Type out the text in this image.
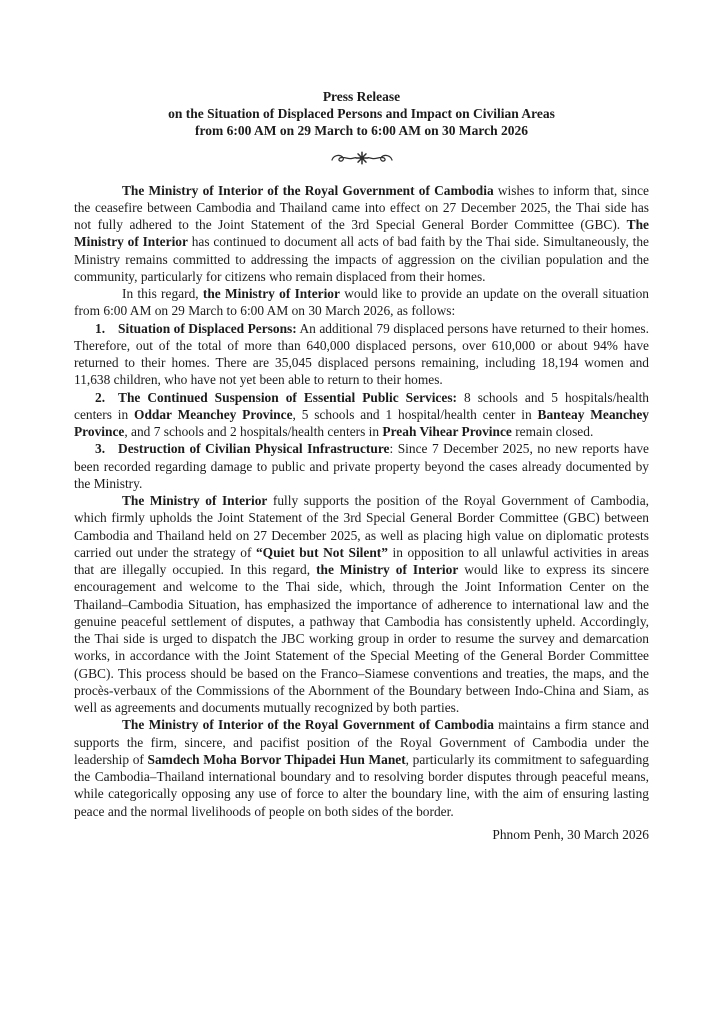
Press Release
on the Situation of Displaced Persons and Impact on Civilian Areas
from 6:00 AM on 29 March to 6:00 AM on 30 March 2026

The Ministry of Interior of the Royal Government of Cambodia wishes to inform that, since the ceasefire between Cambodia and Thailand came into effect on 27 December 2025, the Thai side has not fully adhered to the Joint Statement of the 3rd Special General Border Committee (GBC). The Ministry of Interior has continued to document all acts of bad faith by the Thai side. Simultaneously, the Ministry remains committed to addressing the impacts of aggression on the civilian population and the community, particularly for citizens who remain displaced from their homes.

In this regard, the Ministry of Interior would like to provide an update on the overall situation from 6:00 AM on 29 March to 6:00 AM on 30 March 2026, as follows:

1. Situation of Displaced Persons: An additional 79 displaced persons have returned to their homes. Therefore, out of the total of more than 640,000 displaced persons, over 610,000 or about 94% have returned to their homes. There are 35,045 displaced persons remaining, including 18,194 women and 11,638 children, who have not yet been able to return to their homes.

2. The Continued Suspension of Essential Public Services: 8 schools and 5 hospitals/health centers in Oddar Meanchey Province, 5 schools and 1 hospital/health center in Banteay Meanchey Province, and 7 schools and 2 hospitals/health centers in Preah Vihear Province remain closed.

3. Destruction of Civilian Physical Infrastructure: Since 7 December 2025, no new reports have been recorded regarding damage to public and private property beyond the cases already documented by the Ministry.

The Ministry of Interior fully supports the position of the Royal Government of Cambodia, which firmly upholds the Joint Statement of the 3rd Special General Border Committee (GBC) between Cambodia and Thailand held on 27 December 2025, as well as placing high value on diplomatic protests carried out under the strategy of “Quiet but Not Silent” in opposition to all unlawful activities in areas that are illegally occupied. In this regard, the Ministry of Interior would like to express its sincere encouragement and welcome to the Thai side, which, through the Joint Information Center on the Thailand–Cambodia Situation, has emphasized the importance of adherence to international law and the genuine peaceful settlement of disputes, a pathway that Cambodia has consistently upheld. Accordingly, the Thai side is urged to dispatch the JBC working group in order to resume the survey and demarcation works, in accordance with the Joint Statement of the Special Meeting of the General Border Committee (GBC). This process should be based on the Franco–Siamese conventions and treaties, the maps, and the procès-verbaux of the Commissions of the Abornment of the Boundary between Indo-China and Siam, as well as agreements and documents mutually recognized by both parties.

The Ministry of Interior of the Royal Government of Cambodia maintains a firm stance and supports the firm, sincere, and pacifist position of the Royal Government of Cambodia under the leadership of Samdech Moha Borvor Thipadei Hun Manet, particularly its commitment to safeguarding the Cambodia–Thailand international boundary and to resolving border disputes through peaceful means, while categorically opposing any use of force to alter the boundary line, with the aim of ensuring lasting peace and the normal livelihoods of people on both sides of the border.

Phnom Penh, 30 March 2026
